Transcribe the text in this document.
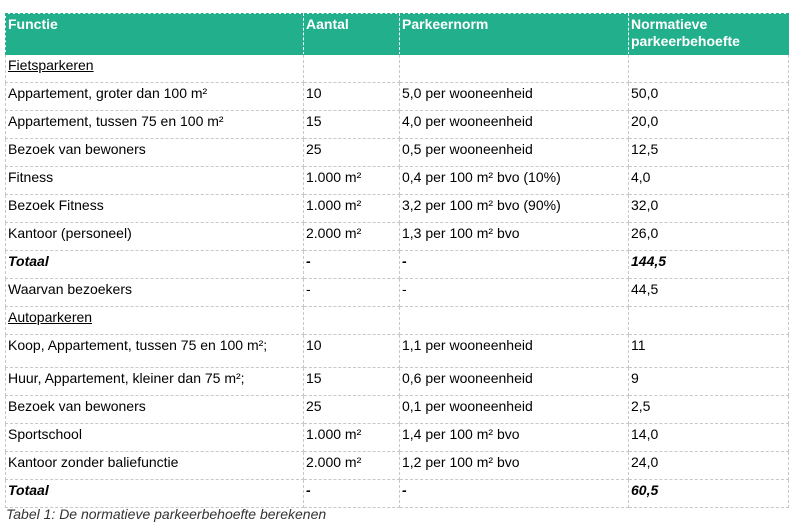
Functie	Aantal	Parkeernorm	Normatieve parkeerbehoefte
Fietsparkeren			
Appartement, groter dan 100 m²	10	5,0 per wooneenheid	50,0
Appartement, tussen 75 en 100 m²	15	4,0 per wooneenheid	20,0
Bezoek van bewoners	25	0,5 per wooneenheid	12,5
Fitness	1.000 m²	0,4 per 100 m² bvo (10%)	4,0
Bezoek Fitness	1.000 m²	3,2 per 100 m² bvo (90%)	32,0
Kantoor (personeel)	2.000 m²	1,3 per 100 m² bvo	26,0
Totaal	-	-	144,5
Waarvan bezoekers	-	-	44,5
Autoparkeren			
Koop, Appartement, tussen 75 en 100 m²;	10	1,1 per wooneenheid	11
Huur, Appartement, kleiner dan 75 m²;	15	0,6 per wooneenheid	9
Bezoek van bewoners	25	0,1 per wooneenheid	2,5
Sportschool	1.000 m²	1,4 per 100 m² bvo	14,0
Kantoor zonder baliefunctie	2.000 m²	1,2 per 100 m² bvo	24,0
Totaal	-	-	60,5
Tabel 1: De normatieve parkeerbehoefte berekenen
